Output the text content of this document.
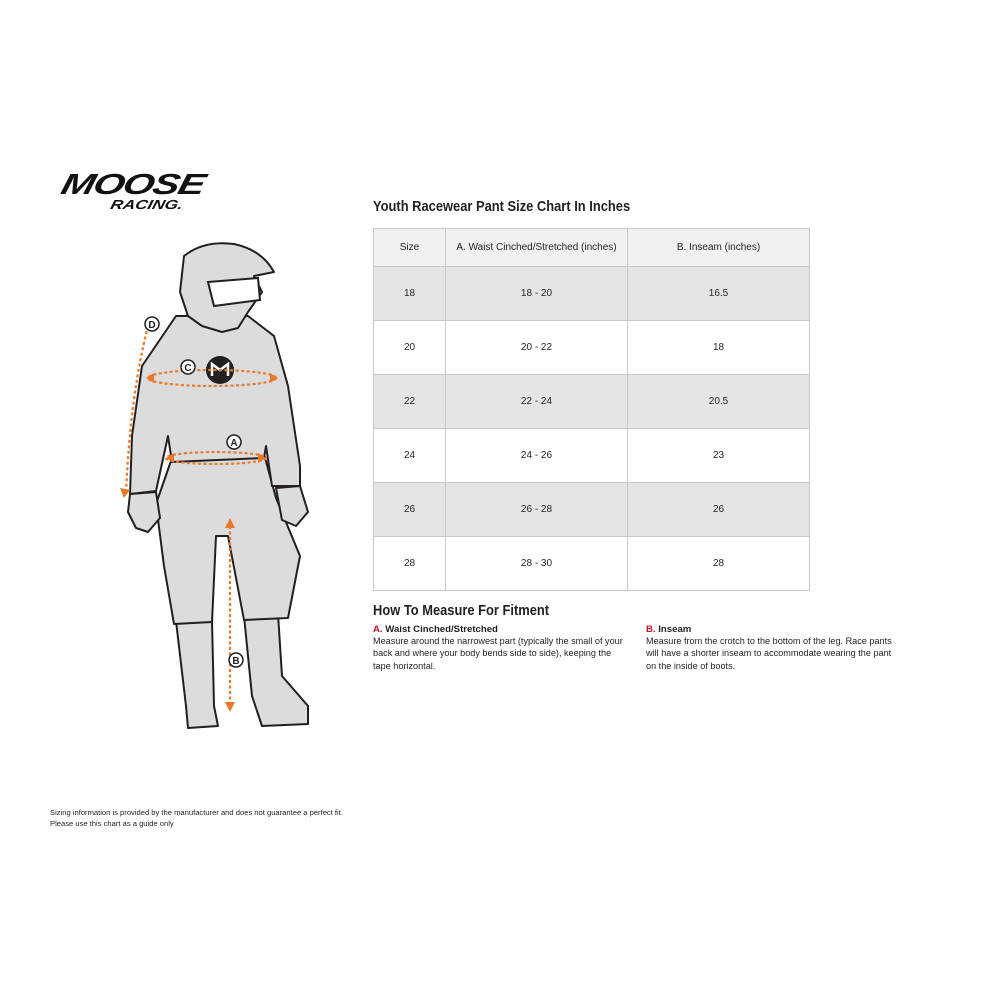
MOOSE
RACING.
D
C
A
B
Youth Racewear Pant Size Chart In Inches
Size	A. Waist Cinched/Stretched (inches)	B. Inseam (inches)
18	18 - 20	16.5
20	20 - 22	18
22	22 - 24	20.5
24	24 - 26	23
26	26 - 28	26
28	28 - 30	28
How To Measure For Fitment
A. Waist Cinched/Stretched
Measure around the narrowest part (typically the small of your back and where your body bends side to side), keeping the tape horizontal.
B. Inseam
Measure from the crotch to the bottom of the leg. Race pants will have a shorter inseam to accommodate wearing the pant on the inside of boots.
Sizing information is provided by the manufacturer and does not guarantee a perfect fit.
Please use this chart as a guide only
